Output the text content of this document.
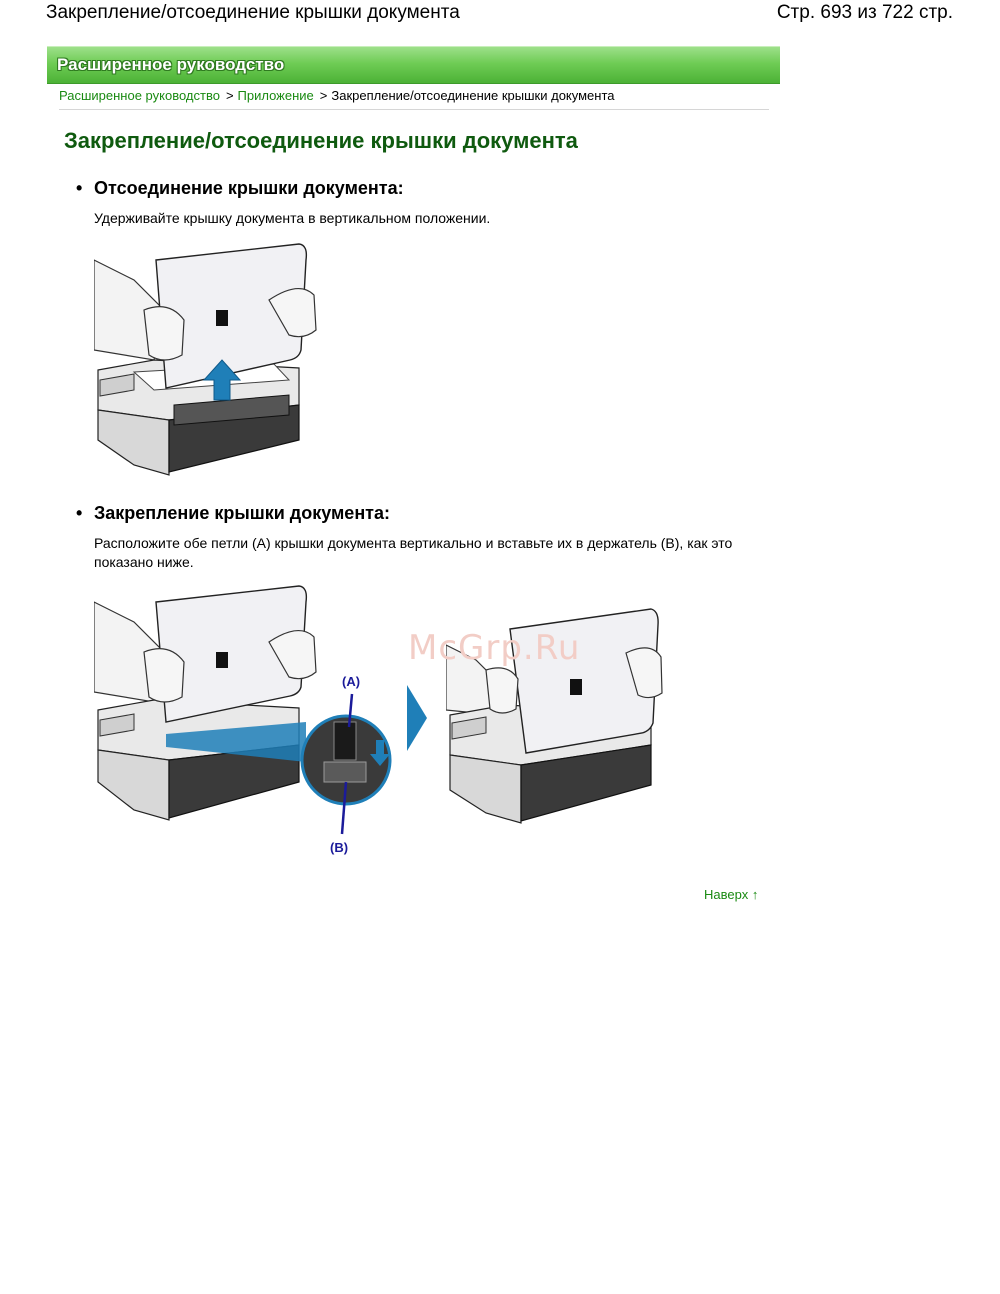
Закрепление/отсоединение крышки документа	Стр. 693 из 722 стр.
Расширенное руководство
Расширенное руководство > Приложение > Закрепление/отсоединение крышки документа
Закрепление/отсоединение крышки документа
• Отсоединение крышки документа:

Удерживайте крышку документа в вертикальном положении.

• Закрепление крышки документа:

Расположите обе петли (A) крышки документа вертикально и вставьте их в держатель (B), как это показано ниже.

(A)
(B)
McGrp.Ru
Наверх ↑
